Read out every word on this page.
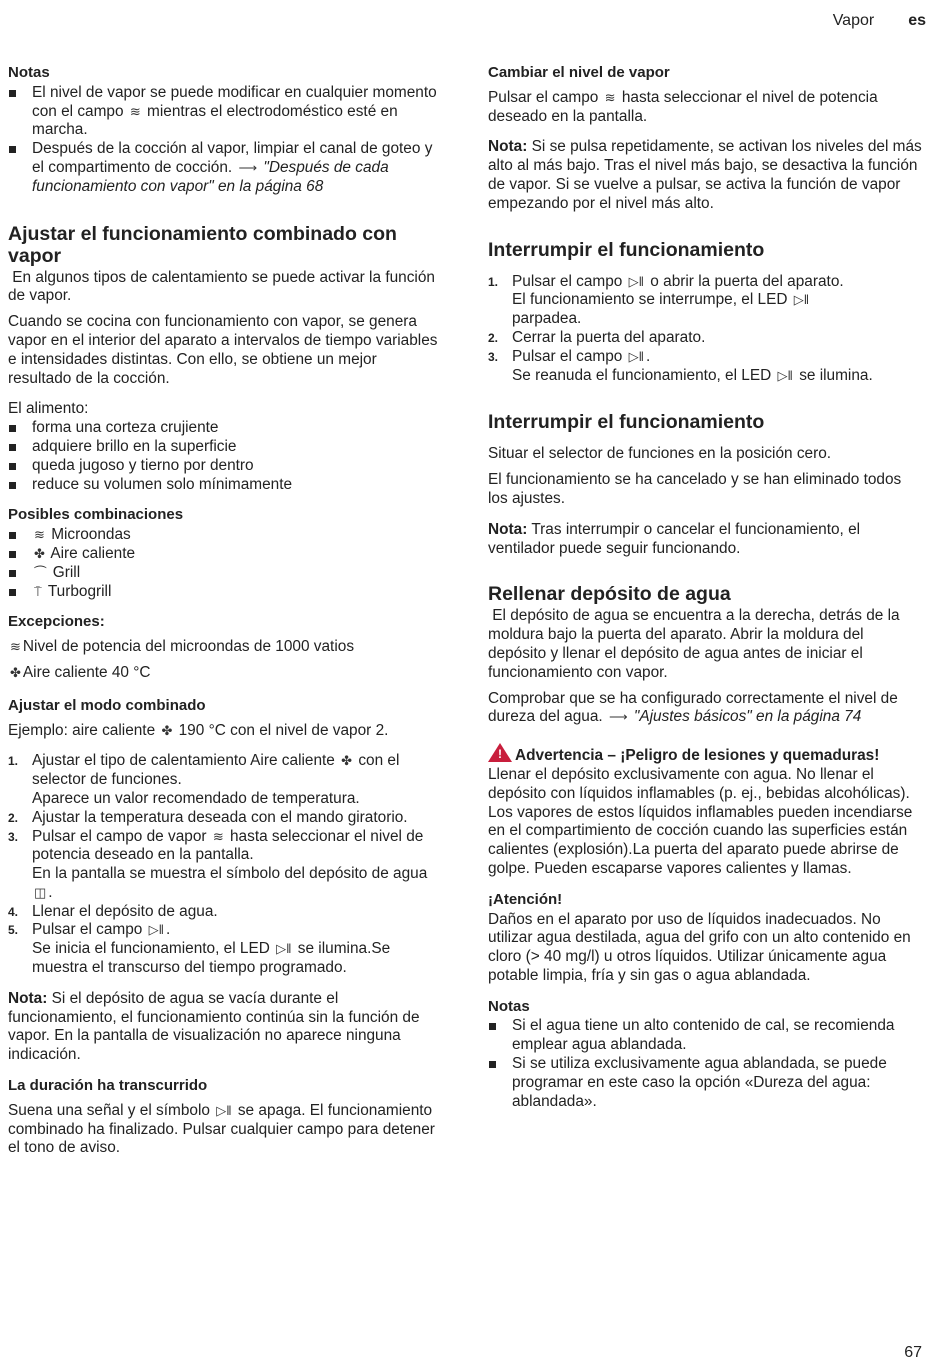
Vapor es
Notas
El nivel de vapor se puede modificar en cualquier momento con el campo ≋ mientras el electrodoméstico esté en marcha.
Después de la cocción al vapor, limpiar el canal de goteo y el compartimento de cocción. ⟶ "Después de cada funcionamiento con vapor" en la página 68
Ajustar el funcionamiento combinado con vapor

En algunos tipos de calentamiento se puede activar la función de vapor.

Cuando se cocina con funcionamiento con vapor, se genera vapor en el interior del aparato a intervalos de tiempo variables e intensidades distintas. Con ello, se obtiene un mejor resultado de la cocción.

El alimento:

forma una corteza crujiente
adquiere brillo en la superficie
queda jugoso y tierno por dentro
reduce su volumen solo mínimamente
Posibles combinaciones
≋ Microondas
✤ Aire caliente
⏜ Grill
⍑ Turbogrill
Excepciones:

≋ Nivel de potencia del microondas de 1000 vatios

✤ Aire caliente 40 °C

Ajustar el modo combinado

Ejemplo: aire caliente ✤ 190 °C con el nivel de vapor 2.

1. Ajustar el tipo de calentamiento Aire caliente ✤ con el selector de funciones.
Aparece un valor recomendado de temperatura.
2. Ajustar la temperatura deseada con el mando giratorio.
3. Pulsar el campo de vapor ≋ hasta seleccionar el nivel de potencia deseado en la pantalla.
En la pantalla se muestra el símbolo del depósito de agua ◫ .
4. Llenar el depósito de agua.
5. Pulsar el campo ▷‖ .
Se inicia el funcionamiento, el LED ▷‖ se ilumina.Se muestra el transcurso del tiempo programado.

Nota: Si el depósito de agua se vacía durante el funcionamiento, el funcionamiento continúa sin la función de vapor. En la pantalla de visualización no aparece ninguna indicación.

La duración ha transcurrido

Suena una señal y el símbolo ▷‖ se apaga. El funcionamiento combinado ha finalizado. Pulsar cualquier campo para detener el tono de aviso.

Cambiar el nivel de vapor

Pulsar el campo ≋ hasta seleccionar el nivel de potencia deseado en la pantalla.

Nota: Si se pulsa repetidamente, se activan los niveles del más alto al más bajo. Tras el nivel más bajo, se desactiva la función de vapor. Si se vuelve a pulsar, se activa la función de vapor empezando por el nivel más alto.

Interrumpir el funcionamiento
1. Pulsar el campo ▷‖ o abrir la puerta del aparato.
El funcionamiento se interrumpe, el LED ▷‖
parpadea.
2. Cerrar la puerta del aparato.
3. Pulsar el campo ▷‖ .
Se reanuda el funcionamiento, el LED ▷‖ se ilumina.
Interrumpir el funcionamiento

Situar el selector de funciones en la posición cero.

El funcionamiento se ha cancelado y se han eliminado todos los ajustes.

Nota: Tras interrumpir o cancelar el funcionamiento, el ventilador puede seguir funcionando.

Rellenar depósito de agua

El depósito de agua se encuentra a la derecha, detrás de la moldura bajo la puerta del aparato. Abrir la moldura del depósito y llenar el depósito de agua antes de iniciar el funcionamiento con vapor.

Comprobar que se ha configurado correctamente el nivel de dureza del agua. ⟶ "Ajustes básicos" en la página 74

!Advertencia – ¡Peligro de lesiones y quemaduras!

Llenar el depósito exclusivamente con agua. No llenar el depósito con líquidos inflamables (p. ej., bebidas alcohólicas). Los vapores de estos líquidos inflamables pueden incendiarse en el compartimiento de cocción cuando las superficies están calientes (explosión).La puerta del aparato puede abrirse de golpe. Pueden escaparse vapores calientes y llamas.

¡Atención!

Daños en el aparato por uso de líquidos inadecuados. No utilizar agua destilada, agua del grifo con un alto contenido en cloro (> 40 mg/l) u otros líquidos. Utilizar únicamente agua potable limpia, fría y sin gas o agua ablandada.

Notas
Si el agua tiene un alto contenido de cal, se recomienda emplear agua ablandada.
Si se utiliza exclusivamente agua ablandada, se puede programar en este caso la opción «Dureza del agua: ablandada».
67
